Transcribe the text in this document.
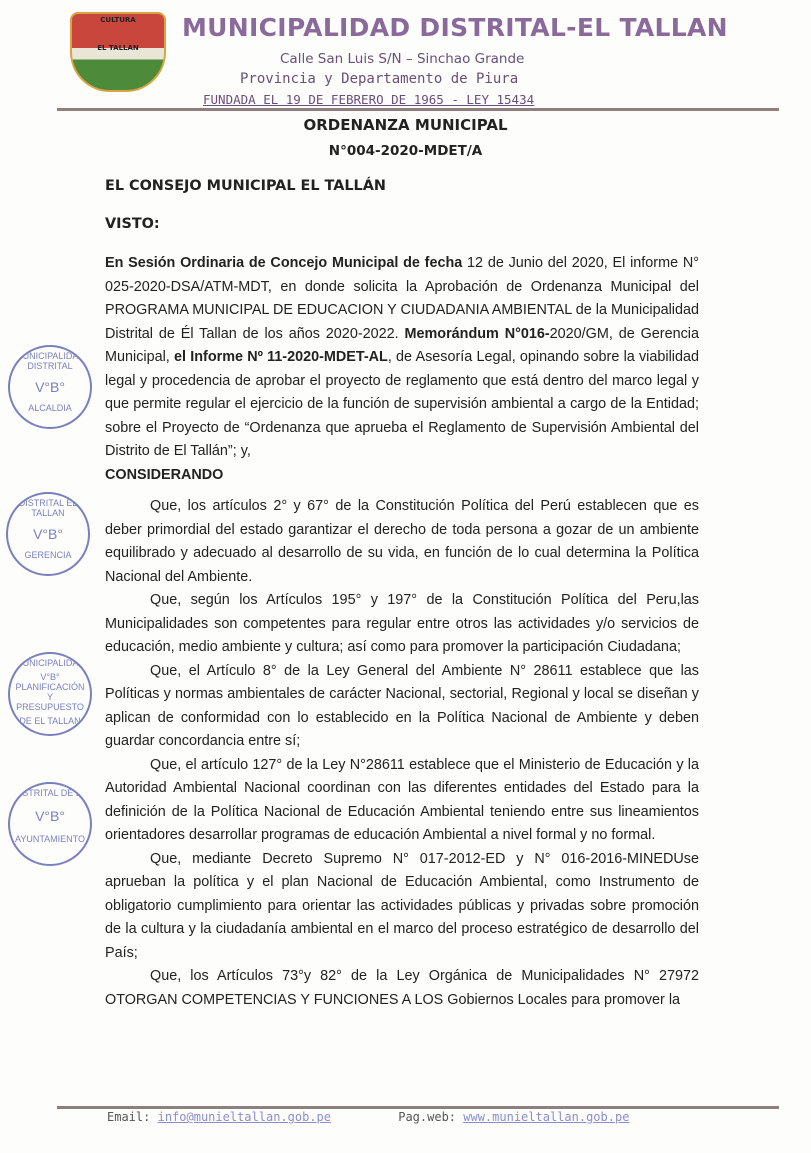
CULTURA
EL TALLAN
MUNICIPALIDAD DISTRITAL-EL TALLAN
Calle San Luis S/N – Sinchao Grande
Provincia y Departamento de Piura
FUNDADA EL 19 DE FEBRERO DE 1965 - LEY 15434
ORDENANZA MUNICIPAL
N°004-2020-MDET/A
EL CONSEJO MUNICIPAL EL TALLÁN
VISTO:

En Sesión Ordinaria de Concejo Municipal de fecha 12 de Junio del 2020, El informe N° 025-2020-DSA/ATM-MDT, en donde solicita la Aprobación de Ordenanza Municipal del PROGRAMA MUNICIPAL DE EDUCACION Y CIUDADANIA AMBIENTAL de la Municipalidad Distrital de Él Tallan de los años 2020-2022. Memorándum N°016-2020/GM, de Gerencia Municipal, el Informe Nº 11-2020-MDET-AL, de Asesoría Legal, opinando sobre la viabilidad legal y procedencia de aprobar el proyecto de reglamento que está dentro del marco legal y que permite regular el ejercicio de la función de supervisión ambiental a cargo de la Entidad; sobre el Proyecto de “Ordenanza que aprueba el Reglamento de Supervisión Ambiental del Distrito de El Tallán”; y,

CONSIDERANDO

Que, los artículos 2° y 67° de la Constitución Política del Perú establecen que es deber primordial del estado garantizar el derecho de toda persona a gozar de un ambiente equilibrado y adecuado al desarrollo de su vida, en función de lo cual determina la Política Nacional del Ambiente.

Que, según los Artículos 195° y 197° de la Constitución Política del Peru,las Municipalidades son competentes para regular entre otros las actividades y/o servicios de educación, medio ambiente y cultura; así como para promover la participación Ciudadana;

Que, el Artículo 8° de la Ley General del Ambiente N° 28611 establece que las Políticas y normas ambientales de carácter Nacional, sectorial, Regional y local se diseñan y aplican de conformidad con lo establecido en la Política Nacional de Ambiente y deben guardar concordancia entre sí;

Que, el artículo 127° de la Ley N°28611 establece que el Ministerio de Educación y la Autoridad Ambiental Nacional coordinan con las diferentes entidades del Estado para la definición de la Política Nacional de Educación Ambiental teniendo entre sus lineamientos orientadores desarrollar programas de educación Ambiental a nivel formal y no formal.

Que, mediante Decreto Supremo N° 017-2012-ED y N° 016-2016-MINEDUse aprueban la política y el plan Nacional de Educación Ambiental, como Instrumento de obligatorio cumplimiento para orientar las actividades públicas y privadas sobre promoción de la cultura y la ciudadanía ambiental en el marco del proceso estratégico de desarrollo del País;

Que, los Artículos 73°y 82° de la Ley Orgánica de Municipalidades N° 27972 OTORGAN COMPETENCIAS Y FUNCIONES A LOS Gobiernos Locales para promover la

MUNICIPALIDAD DISTRITAL
V°B°
ALCALDIA
DISTRITAL EL TALLAN
V°B°
GERENCIA
MUNICIPALIDAD
V°B° PLANIFICACIÓN Y PRESUPUESTO
DE EL TALLAN
DISTRITAL DE EL
V°B°
AYUNTAMIENTO
Email: info@munieltallan.gob.pe	Pag.web: www.munieltallan.gob.pe
